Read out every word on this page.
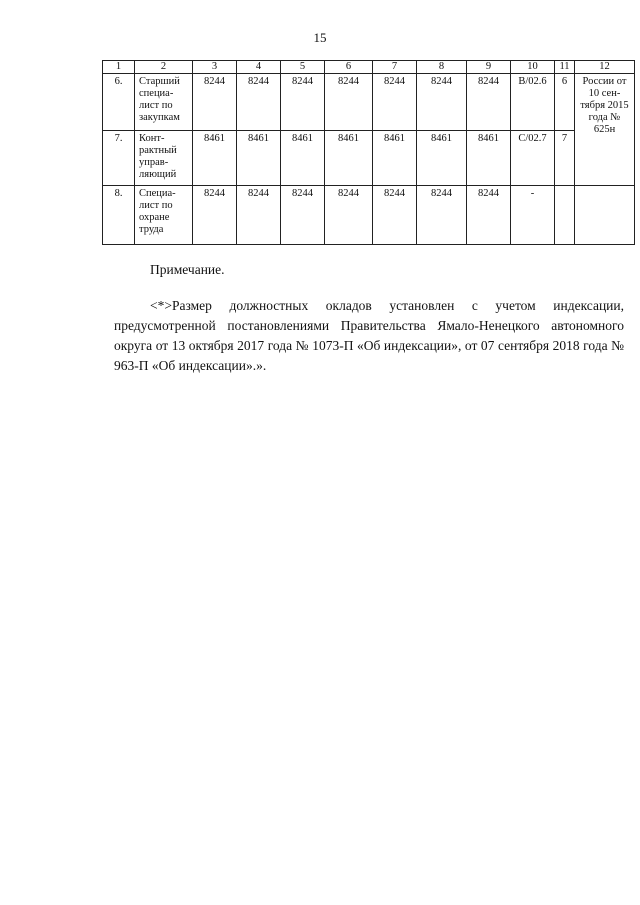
15
1	2	3	4	5	6	7	8	9	10	11	12
6.	Старший специа-лист по закупкам	8244	8244	8244	8244	8244	8244	8244	В/02.6	6	России от 10 сен-тября 2015 года № 625н
7.	Конт-рактный управ-ляющий	8461	8461	8461	8461	8461	8461	8461	С/02.7	7	
8.	Специа-лист по охране труда	8244	8244	8244	8244	8244	8244	8244	-		
Примечание.
<*>Размер должностных окладов установлен с учетом индексации, предусмотренной постановлениями Правительства Ямало-Ненецкого автономного округа от 13 октября 2017 года № 1073-П «Об индексации», от 07 сентября 2018 года № 963-П «Об индексации».».
